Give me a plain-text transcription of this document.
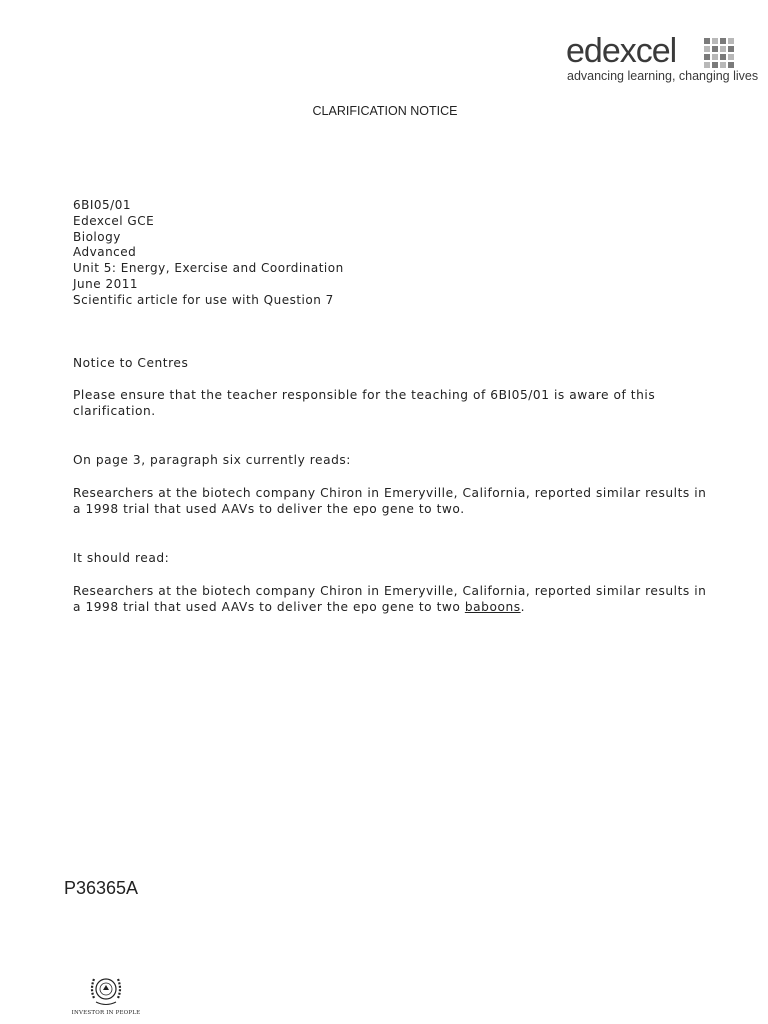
edexcel
advancing learning, changing lives
CLARIFICATION NOTICE
6BI05/01
Edexcel GCE
Biology
Advanced
Unit 5: Energy, Exercise and Coordination
June 2011
Scientific article for use with Question 7
Notice to Centres
Please ensure that the teacher responsible for the teaching of 6BI05/01 is aware of this clarification.
On page 3, paragraph six currently reads:
Researchers at the biotech company Chiron in Emeryville, California, reported similar results in a 1998 trial that used AAVs to deliver the epo gene to two.
It should read:
Researchers at the biotech company Chiron in Emeryville, California, reported similar results in a 1998 trial that used AAVs to deliver the epo gene to two baboons.
P36365A
INVESTOR IN PEOPLE
